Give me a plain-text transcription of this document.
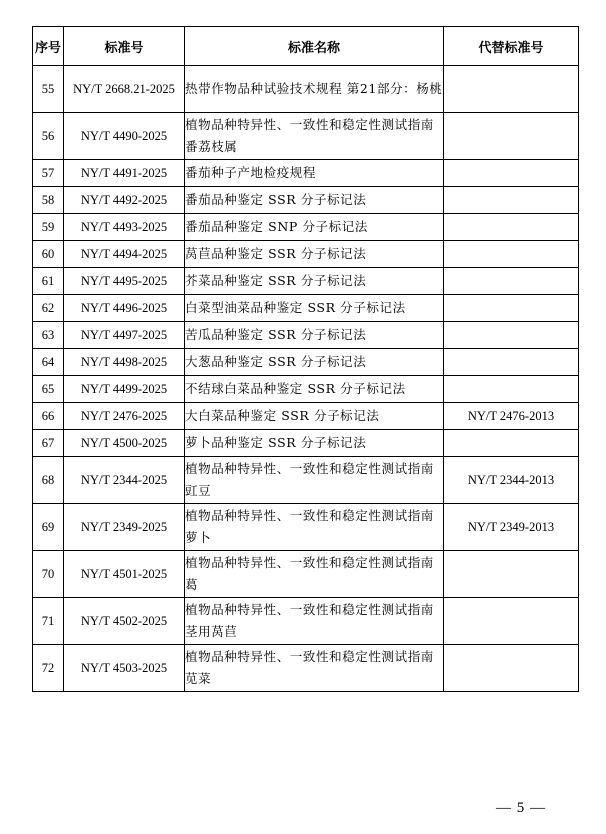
序号	标准号	标准名称	代替标准号
55	NY/T 2668.21-2025	热带作物品种试验技术规程 第21部分：杨桃	
56	NY/T 4490-2025	植物品种特异性、一致性和稳定性测试指南 番荔枝属	
57	NY/T 4491-2025	番茄种子产地检疫规程	
58	NY/T 4492-2025	番茄品种鉴定 SSR 分子标记法	
59	NY/T 4493-2025	番茄品种鉴定 SNP 分子标记法	
60	NY/T 4494-2025	莴苣品种鉴定 SSR 分子标记法	
61	NY/T 4495-2025	芥菜品种鉴定 SSR 分子标记法	
62	NY/T 4496-2025	白菜型油菜品种鉴定 SSR 分子标记法	
63	NY/T 4497-2025	苦瓜品种鉴定 SSR 分子标记法	
64	NY/T 4498-2025	大葱品种鉴定 SSR 分子标记法	
65	NY/T 4499-2025	不结球白菜品种鉴定 SSR 分子标记法	
66	NY/T 2476-2025	大白菜品种鉴定 SSR 分子标记法	NY/T 2476-2013
67	NY/T 4500-2025	萝卜品种鉴定 SSR 分子标记法	
68	NY/T 2344-2025	植物品种特异性、一致性和稳定性测试指南 豇豆	NY/T 2344-2013
69	NY/T 2349-2025	植物品种特异性、一致性和稳定性测试指南 萝卜	NY/T 2349-2013
70	NY/T 4501-2025	植物品种特异性、一致性和稳定性测试指南 葛	
71	NY/T 4502-2025	植物品种特异性、一致性和稳定性测试指南 茎用莴苣	
72	NY/T 4503-2025	植物品种特异性、一致性和稳定性测试指南 苋菜	
— 5 —
